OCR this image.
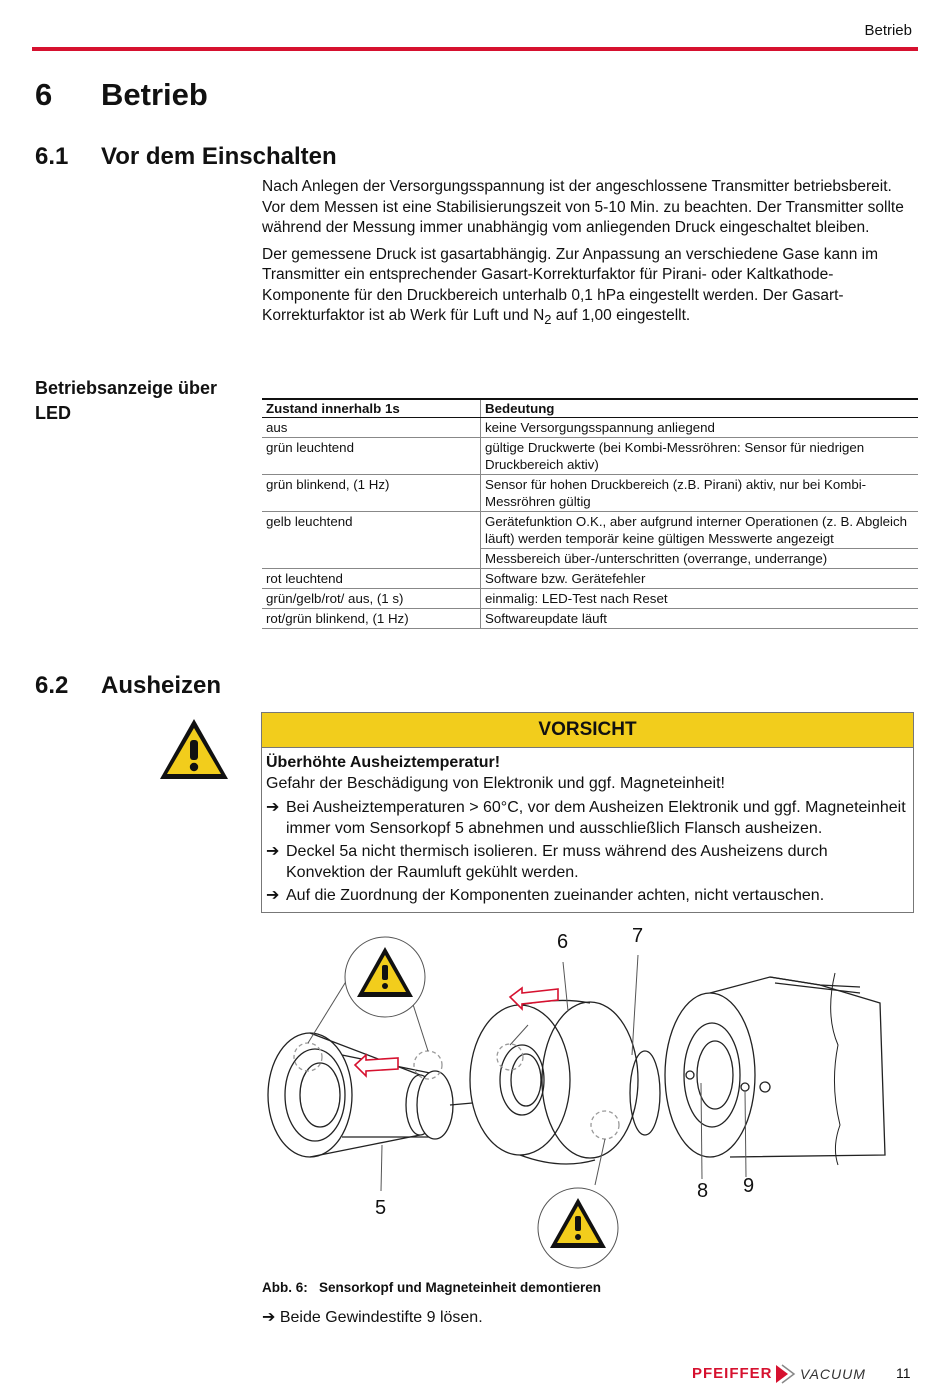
Betrieb
6 Betrieb
6.1 Vor dem Einschalten

Nach Anlegen der Versorgungsspannung ist der angeschlossene Transmitter betriebsbereit. Vor dem Messen ist eine Stabilisierungszeit von 5-10 Min. zu beachten. Der Transmitter sollte während der Messung immer unabhängig vom anliegenden Druck eingeschaltet bleiben.

Der gemessene Druck ist gasartabhängig. Zur Anpassung an verschiedene Gase kann im Transmitter ein entsprechender Gasart-Korrekturfaktor für Pirani- oder Kaltkathode-Komponente für den Druckbereich unterhalb 0,1 hPa eingestellt werden. Der Gasart-Korrekturfaktor ist ab Werk für Luft und $N_2$ auf 1,00 eingestellt.

Betriebsanzeige über LED	Zustand innerhalb 1s	Bedeutung
aus	keine Versorgungsspannung anliegend
grün leuchtend	gültige Druckwerte (bei Kombi-Messröhren: Sensor für niedrigen Druckbereich aktiv)
grün blinkend, (1 Hz)	Sensor für hohen Druckbereich (z.B. Pirani) aktiv, nur bei Kombi-Messröhren gültig
gelb leuchtend	Gerätefunktion O.K., aber aufgrund interner Operationen (z. B. Abgleich läuft) werden temporär keine gültigen Messwerte angezeigt
	Messbereich über-/unterschritten (overrange, underrange)
rot leuchtend	Software bzw. Gerätefehler
grün/gelb/rot/ aus, (1 s)	einmalig: LED-Test nach Reset
rot/grün blinkend, (1 Hz)	Softwareupdate läuft
6.2 Ausheizen
VORSICHT
Überhöhte Ausheiztemperatur!
Gefahr der Beschädigung von Elektronik und ggf. Magneteinheit!
➔ Bei Ausheiztemperaturen > 60°C, vor dem Ausheizen Elektronik und ggf. Magneteinheit immer vom Sensorkopf 5 abnehmen und ausschließlich Flansch ausheizen.
➔ Deckel 5a nicht thermisch isolieren. Er muss während des Ausheizens durch Konvektion der Raumluft gekühlt werden.
➔ Auf die Zuordnung der Komponenten zueinander achten, nicht vertauschen.
6	7
5
8 9
Abb. 6: Sensorkopf und Magneteinheit demontieren
➔ Beide Gewindestifte 9 lösen.
PFEIFFER VACUUM 11
